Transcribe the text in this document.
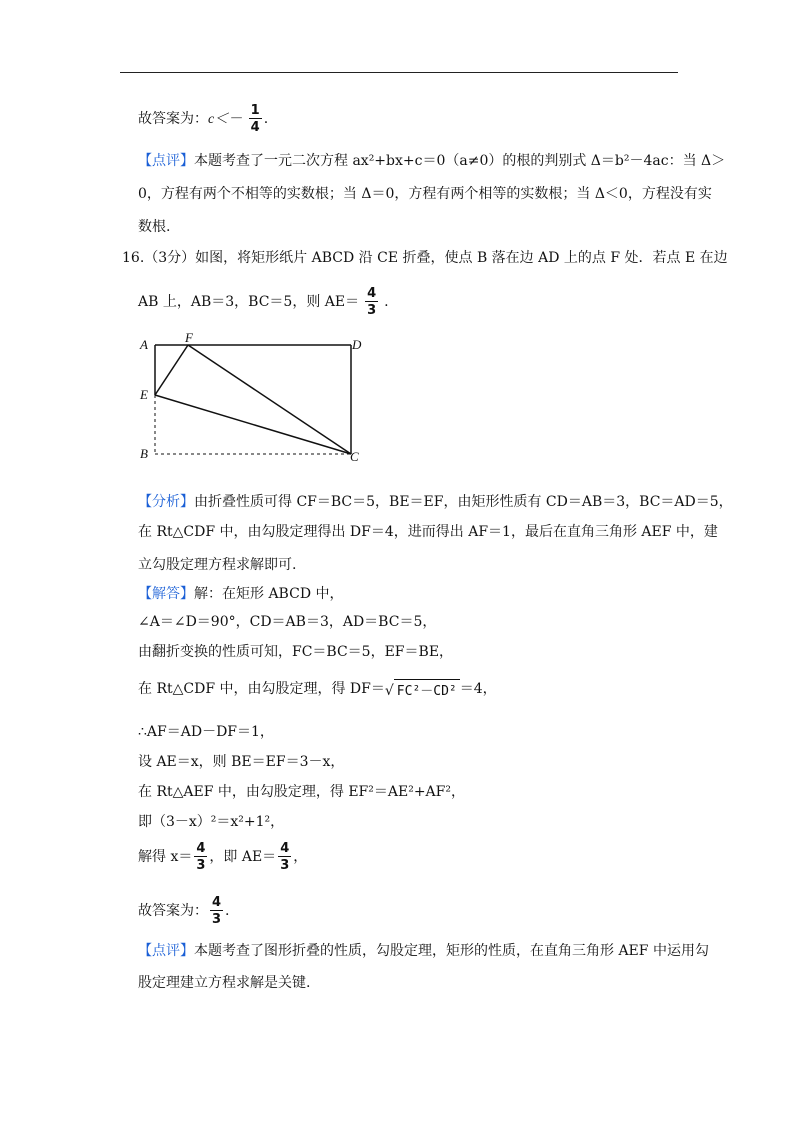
故答案为：$c<- \frac{1}{4}$ .
【点评】本题考查了一元二次方程 ax²+bx+c＝0（a≠0）的根的判别式 Δ＝b²－4ac：当 Δ＞
0，方程有两个不相等的实数根；当 Δ＝0，方程有两个相等的实数根；当 Δ＜0，方程没有实
数根.
16.（3分）如图，将矩形纸片 ABCD 沿 CE 折叠，使点 B 落在边 AD 上的点 F 处．若点 E 在边
AB 上，AB＝3，BC＝5，则 $AE= \frac{4}{3}$ .
A	F	D
E
B	C
【分析】由折叠性质可得 CF＝BC＝5，BE＝EF，由矩形性质有 CD＝AB＝3，BC＝AD＝5，
在 Rt△CDF 中，由勾股定理得出 DF＝4，进而得出 AF＝1，最后在直角三角形 AEF 中，建
立勾股定理方程求解即可.
【解答】解：在矩形 ABCD 中，
∠A＝∠D＝90°，CD＝AB＝3，AD＝BC＝5，
由翻折变换的性质可知，FC＝BC＝5，EF＝BE，
在 Rt△CDF 中，由勾股定理，得 DF＝√ FC²－CD² ＝4，
∴AF＝AD－DF＝1，
设 AE＝x，则 BE＝EF＝3－x，
在 Rt△AEF 中，由勾股定理，得 EF²＝AE²+AF²，
即（3－x）²＝x²+1²，
解得 $x= \frac{4}{3}$ ，即 $AE= \frac{4}{3}$ ，
故答案为： $\frac{4}{3}$ .
【点评】本题考查了图形折叠的性质，勾股定理，矩形的性质，在直角三角形 AEF 中运用勾
股定理建立方程求解是关键.
